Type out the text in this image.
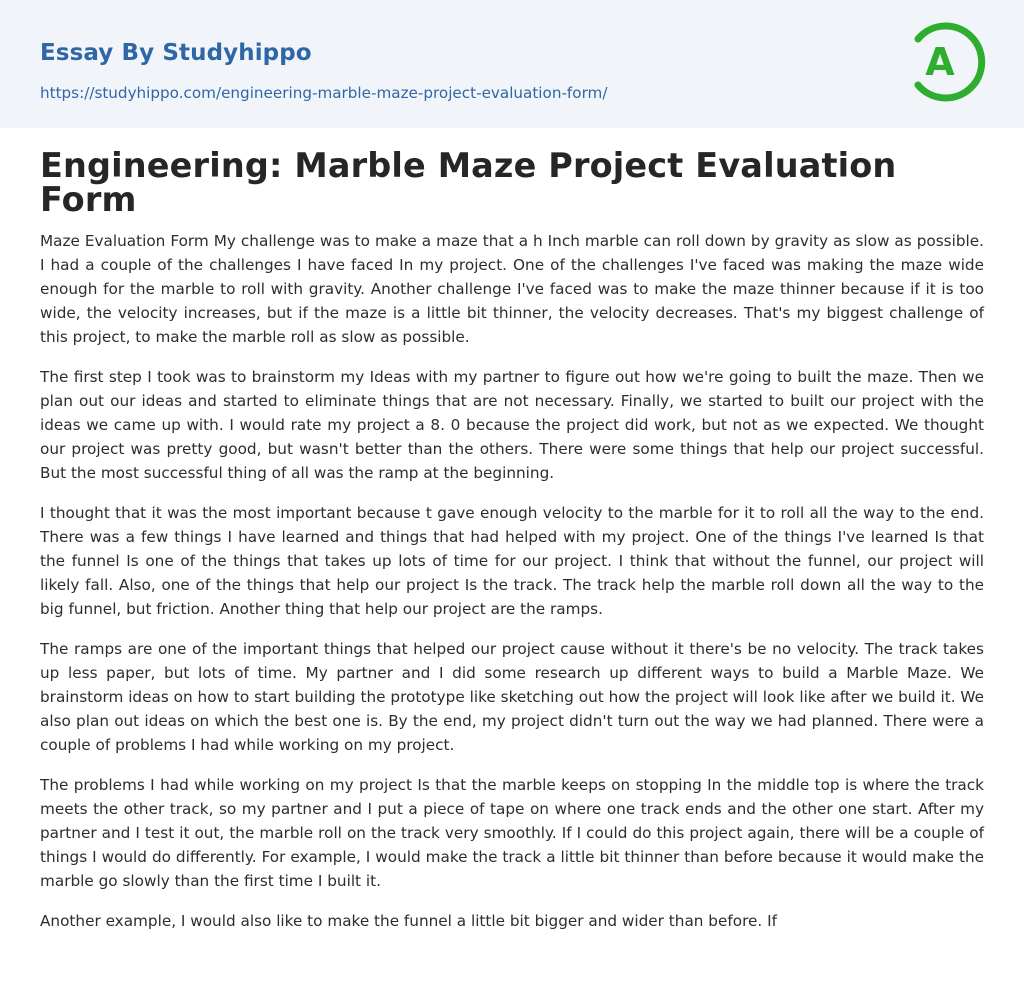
Essay By Studyhippo
https://studyhippo.com/engineering-marble-maze-project-evaluation-form/
A
Engineering: Marble Maze Project Evaluation Form

Maze Evaluation Form My challenge was to make a maze that a h Inch marble can roll down by gravity as slow as possible. I had a couple of the challenges I have faced In my project. One of the challenges I've faced was making the maze wide enough for the marble to roll with gravity. Another challenge I've faced was to make the maze thinner because if it is too wide, the velocity increases, but if the maze is a little bit thinner, the velocity decreases. That's my biggest challenge of this project, to make the marble roll as slow as possible.

The first step I took was to brainstorm my Ideas with my partner to figure out how we're going to built the maze. Then we plan out our ideas and started to eliminate things that are not necessary. Finally, we started to built our project with the ideas we came up with. I would rate my project a 8. 0 because the project did work, but not as we expected. We thought our project was pretty good, but wasn't better than the others. There were some things that help our project successful. But the most successful thing of all was the ramp at the beginning.

I thought that it was the most important because t gave enough velocity to the marble for it to roll all the way to the end. There was a few things I have learned and things that had helped with my project. One of the things I've learned Is that the funnel Is one of the things that takes up lots of time for our project. I think that without the funnel, our project will likely fall. Also, one of the things that help our project Is the track. The track help the marble roll down all the way to the big funnel, but friction. Another thing that help our project are the ramps.

The ramps are one of the important things that helped our project cause without it there's be no velocity. The track takes up less paper, but lots of time. My partner and I did some research up different ways to build a Marble Maze. We brainstorm ideas on how to start building the prototype like sketching out how the project will look like after we build it. We also plan out ideas on which the best one is. By the end, my project didn't turn out the way we had planned. There were a couple of problems I had while working on my project.

The problems I had while working on my project Is that the marble keeps on stopping In the middle top is where the track meets the other track, so my partner and I put a piece of tape on where one track ends and the other one start. After my partner and I test it out, the marble roll on the track very smoothly. If I could do this project again, there will be a couple of things I would do differently. For example, I would make the track a little bit thinner than before because it would make the marble go slowly than the first time I built it.

Another example, I would also like to make the funnel a little bit bigger and wider than before. If
